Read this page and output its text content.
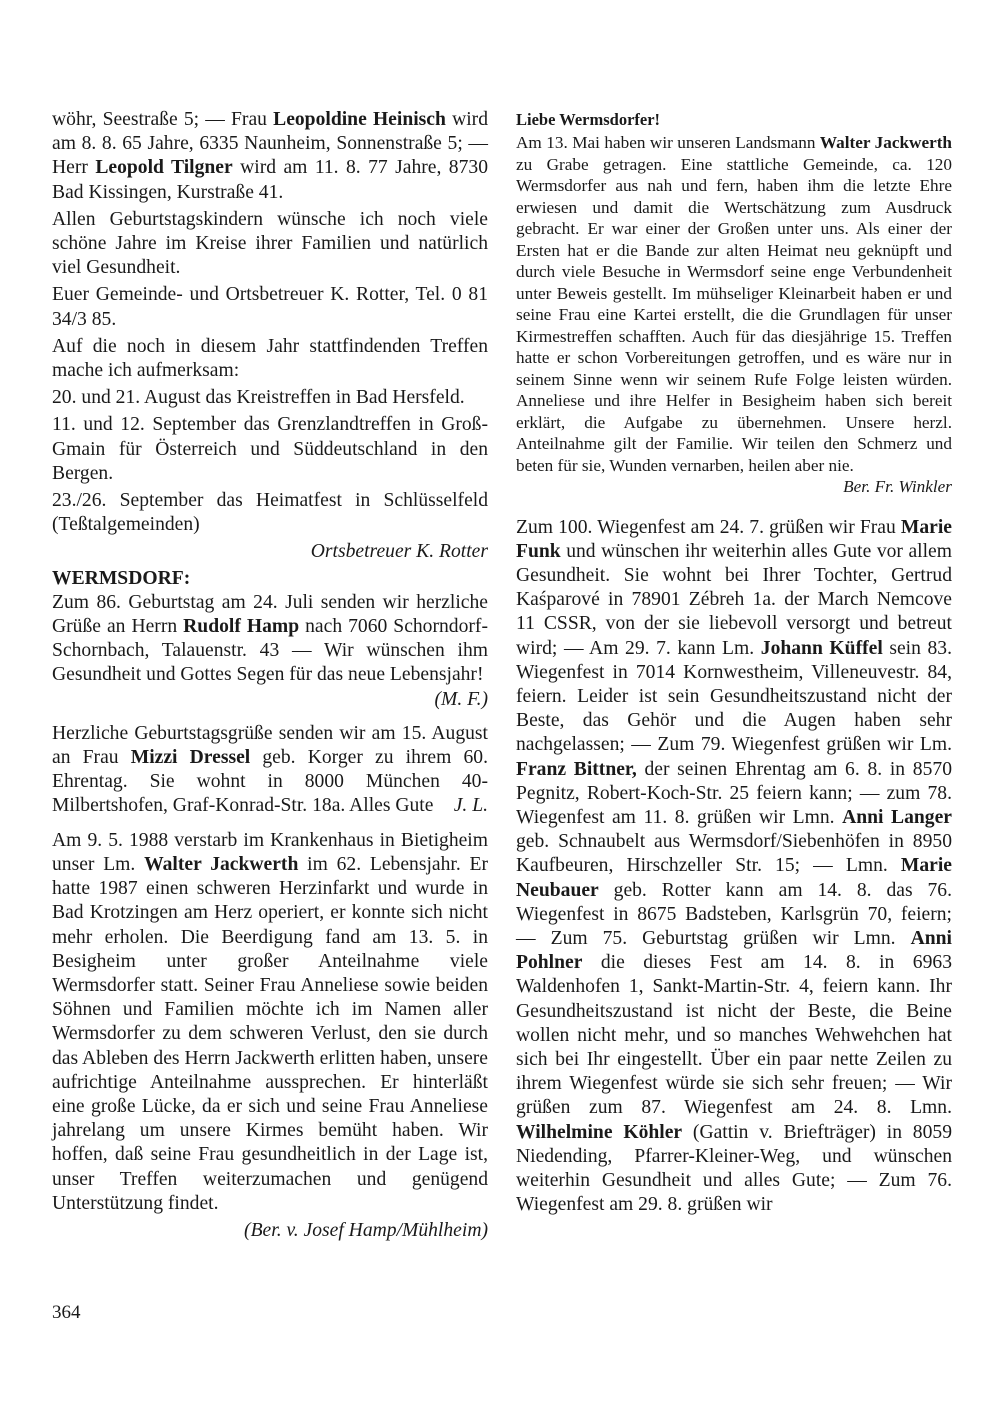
wöhr, Seestraße 5; — Frau Leopoldine Heinisch wird am 8. 8. 65 Jahre, 6335 Naunheim, Sonnenstraße 5; — Herr Leopold Tilgner wird am 11. 8. 77 Jahre, 8730 Bad Kissingen, Kurstraße 41.

Allen Geburtstagskindern wünsche ich noch viele schöne Jahre im Kreise ihrer Familien und natürlich viel Gesundheit.

Euer Gemeinde- und Ortsbetreuer K. Rotter, Tel. 0 81 34/3 85.

Auf die noch in diesem Jahr stattfindenden Treffen mache ich aufmerksam:

20. und 21. August das Kreistreffen in Bad Hersfeld.

11. und 12. September das Grenzlandtreffen in Groß-Gmain für Österreich und Süddeutschland in den Bergen.

23./26. September das Heimatfest in Schlüsselfeld (Teßtalgemeinden)

Ortsbetreuer K. Rotter

WERMSDORF:

Zum 86. Geburtstag am 24. Juli senden wir herzliche Grüße an Herrn Rudolf Hamp nach 7060 Schorndorf-Schornbach, Talauenstr. 43 — Wir wünschen ihm Gesundheit und Gottes Segen für das neue Lebensjahr!
(M. F.)

Herzliche Geburtstagsgrüße senden wir am 15. August an Frau Mizzi Dressel geb. Korger zu ihrem 60. Ehrentag. Sie wohnt in 8000 München 40-Milbertshofen, Graf-Konrad-Str. 18a. Alles Gute J. L.

Am 9. 5. 1988 verstarb im Krankenhaus in Bietigheim unser Lm. Walter Jackwerth im 62. Lebensjahr. Er hatte 1987 einen schweren Herzinfarkt und wurde in Bad Krotzingen am Herz operiert, er konnte sich nicht mehr erholen. Die Beerdigung fand am 13. 5. in Besigheim unter großer Anteilnahme viele Wermsdorfer statt. Seiner Frau Anneliese sowie beiden Söhnen und Familien möchte ich im Namen aller Wermsdorfer zu dem schweren Verlust, den sie durch das Ableben des Herrn Jackwerth erlitten haben, unsere aufrichtige Anteilnahme aussprechen. Er hinterläßt eine große Lücke, da er sich und seine Frau Anneliese jahrelang um unsere Kirmes bemüht haben. Wir hoffen, daß seine Frau gesundheitlich in der Lage ist, unser Treffen weiterzumachen und genügend Unterstützung findet.

(Ber. v. Josef Hamp/Mühlheim)

Liebe Wermsdorfer!

Am 13. Mai haben wir unseren Landsmann Walter Jackwerth zu Grabe getragen. Eine stattliche Gemeinde, ca. 120 Wermsdorfer aus nah und fern, haben ihm die letzte Ehre erwiesen und damit die Wertschätzung zum Ausdruck gebracht. Er war einer der Großen unter uns. Als einer der Ersten hat er die Bande zur alten Heimat neu geknüpft und durch viele Besuche in Wermsdorf seine enge Verbundenheit unter Beweis gestellt. Im mühseliger Kleinarbeit haben er und seine Frau eine Kartei erstellt, die die Grundlagen für unser Kirmestreffen schafften. Auch für das diesjährige 15. Treffen hatte er schon Vorbereitungen getroffen, und es wäre nur in seinem Sinne wenn wir seinem Rufe Folge leisten würden. Anneliese und ihre Helfer in Besigheim haben sich bereit erklärt, die Aufgabe zu übernehmen. Unsere herzl. Anteilnahme gilt der Familie. Wir teilen den Schmerz und beten für sie, Wunden vernarben, heilen aber nie.
Ber. Fr. Winkler

Zum 100. Wiegenfest am 24. 7. grüßen wir Frau Marie Funk und wünschen ihr weiterhin alles Gute vor allem Gesundheit. Sie wohnt bei Ihrer Tochter, Gertrud Kaśparové in 78901 Zébreh 1a. der March Nemcove 11 CSSR, von der sie liebevoll versorgt und betreut wird; — Am 29. 7. kann Lm. Johann Küffel sein 83. Wiegenfest in 7014 Kornwestheim, Villeneuvestr. 84, feiern. Leider ist sein Gesundheitszustand nicht der Beste, das Gehör und die Augen haben sehr nachgelassen; — Zum 79. Wiegenfest grüßen wir Lm. Franz Bittner, der seinen Ehrentag am 6. 8. in 8570 Pegnitz, Robert-Koch-Str. 25 feiern kann; — zum 78. Wiegenfest am 11. 8. grüßen wir Lmn. Anni Langer geb. Schnaubelt aus Wermsdorf/Siebenhöfen in 8950 Kaufbeuren, Hirschzeller Str. 15; — Lmn. Marie Neubauer geb. Rotter kann am 14. 8. das 76. Wiegenfest in 8675 Badsteben, Karlsgrün 70, feiern; — Zum 75. Geburtstag grüßen wir Lmn. Anni Pohlner die dieses Fest am 14. 8. in 6963 Waldenhofen 1, Sankt-Martin-Str. 4, feiern kann. Ihr Gesundheitszustand ist nicht der Beste, die Beine wollen nicht mehr, und so manches Wehwehchen hat sich bei Ihr eingestellt. Über ein paar nette Zeilen zu ihrem Wiegenfest würde sie sich sehr freuen; — Wir grüßen zum 87. Wiegenfest am 24. 8. Lmn. Wilhelmine Köhler (Gattin v. Briefträger) in 8059 Niedending, Pfarrer-Kleiner-Weg, und wünschen weiterhin Gesundheit und alles Gute; — Zum 76. Wiegenfest am 29. 8. grüßen wir

364
